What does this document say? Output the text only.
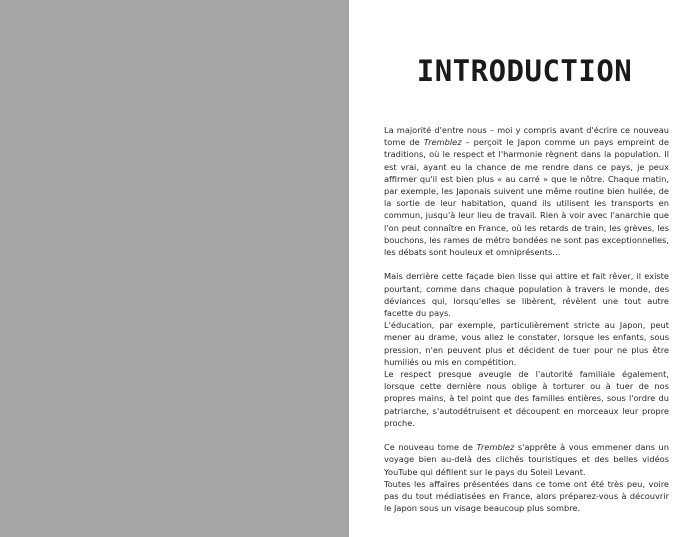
INTRODUCTION

La majorité d'entre nous – moi y compris avant d'écrire ce nouveau tome de Tremblez – perçoit le Japon comme un pays empreint de traditions, où le respect et l'harmonie règnent dans la population. Il est vrai, ayant eu la chance de me rendre dans ce pays, je peux affirmer qu'il est bien plus « au carré » que le nôtre. Chaque matin, par exemple, les Japonais suivent une même routine bien huilée, de la sortie de leur habitation, quand ils utilisent les transports en commun, jusqu'à leur lieu de travail. Rien à voir avec l'anarchie que l'on peut connaître en France, où les retards de train, les grèves, les bouchons, les rames de métro bondées ne sont pas exceptionnelles, les débats sont houleux et omniprésents…

Mais derrière cette façade bien lisse qui attire et fait rêver, il existe pourtant, comme dans chaque population à travers le monde, des déviances qui, lorsqu'elles se libèrent, révèlent une tout autre facette du pays.

L'éducation, par exemple, particulièrement stricte au Japon, peut mener au drame, vous allez le constater, lorsque les enfants, sous pression, n'en peuvent plus et décident de tuer pour ne plus être humiliés ou mis en compétition.

Le respect presque aveugle de l'autorité familiale également, lorsque cette dernière nous oblige à torturer ou à tuer de nos propres mains, à tel point que des familles entières, sous l'ordre du patriarche, s'autodétruisent et découpent en morceaux leur propre proche.

Ce nouveau tome de Tremblez s'apprête à vous emmener dans un voyage bien au-delà des clichés touristiques et des belles vidéos YouTube qui défilent sur le pays du Soleil Levant.

Toutes les affaires présentées dans ce tome ont été très peu, voire pas du tout médiatisées en France, alors préparez-vous à découvrir le Japon sous un visage beaucoup plus sombre.
